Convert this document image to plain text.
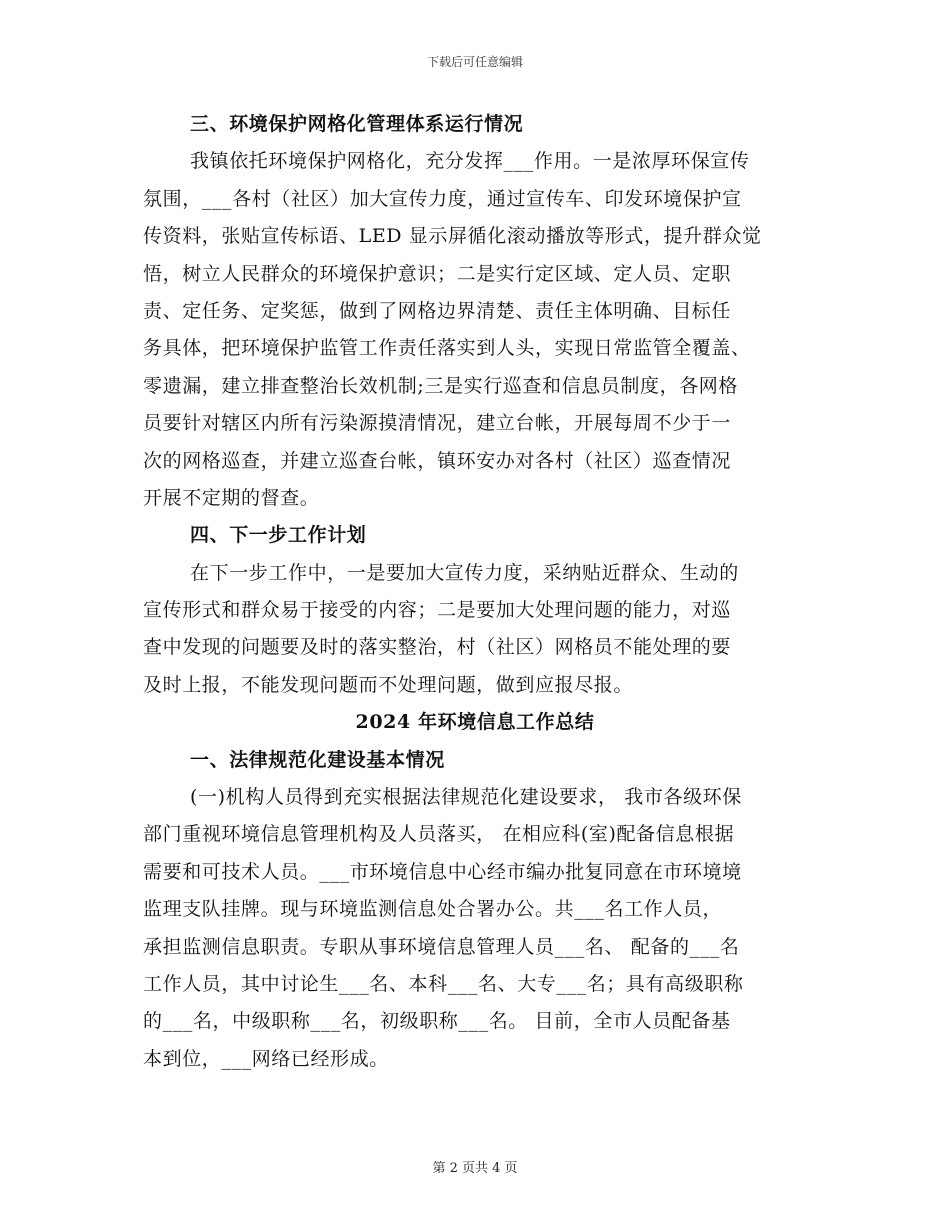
下载后可任意编辑
三、环境保护网格化管理体系运行情况
我镇依托环境保护网格化，充分发挥___作用。一是浓厚环保宣传
氛围，___各村（社区）加大宣传力度，通过宣传车、印发环境保护宣
传资料，张贴宣传标语、LED 显示屏循化滚动播放等形式，提升群众觉
悟，树立人民群众的环境保护意识；二是实行定区域、定人员、定职
责、定任务、定奖惩，做到了网格边界清楚、责任主体明确、目标任
务具体，把环境保护监管工作责任落实到人头，实现日常监管全覆盖、
零遗漏，建立排查整治长效机制;三是实行巡查和信息员制度，各网格
员要针对辖区内所有污染源摸清情况，建立台帐，开展每周不少于一
次的网格巡查，并建立巡查台帐，镇环安办对各村（社区）巡查情况
开展不定期的督查。
四、下一步工作计划
在下一步工作中，一是要加大宣传力度，采纳贴近群众、生动的
宣传形式和群众易于接受的内容；二是要加大处理问题的能力，对巡
查中发现的问题要及时的落实整治，村（社区）网格员不能处理的要
及时上报，不能发现问题而不处理问题，做到应报尽报。
2024 年环境信息工作总结
一、法律规范化建设基本情况
(一)机构人员得到充实根据法律规范化建设要求， 我市各级环保
部门重视环境信息管理机构及人员落买， 在相应科(室)配备信息根据
需要和可技术人员。___市环境信息中心经市编办批复同意在市环境境
监理支队挂牌。现与环境监测信息处合署办公。共___名工作人员，
承担监测信息职责。专职从事环境信息管理人员___名、 配备的___名
工作人员，其中讨论生___名、本科___名、大专___名；具有高级职称
的___名，中级职称___名，初级职称___名。 目前，全市人员配备基
本到位，___网络已经形成。
第 2 页共 4 页
